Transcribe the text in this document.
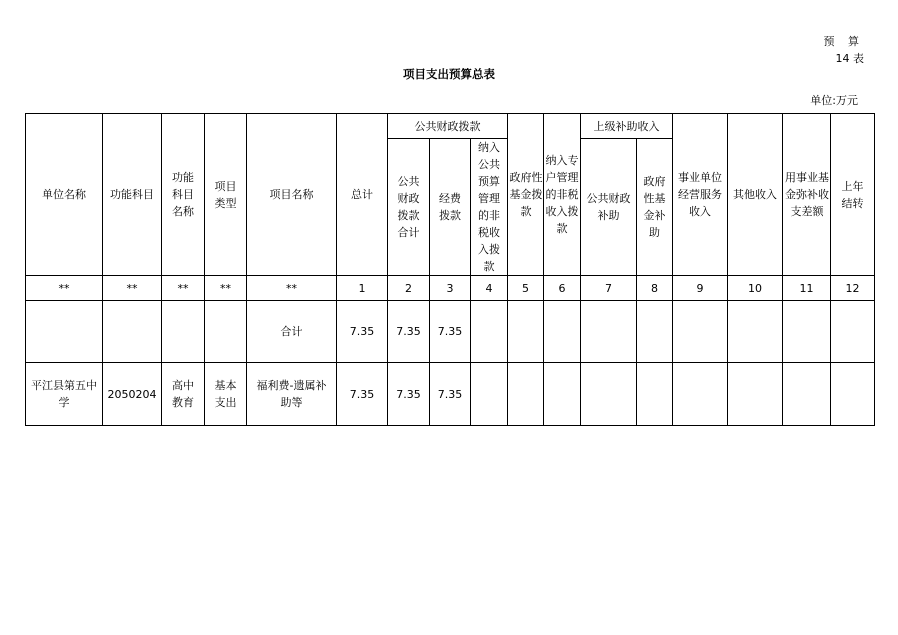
预 算
14 表
项目支出预算总表
单位:万元
单位名称	功能科目	功能科目名称	项目类型	项目名称	总计	公共财政拨款			政府性基金拨款	纳入专户管理的非税收入拨款	上级补助收入		事业单位经营服务收入	其他收入	用事业基金弥补收支差额	上年结转
						公共财政拨款合计	经费拨款	纳入公共预算管理的非税收入拨款			公共财政补助	政府性基金补助				
**	**	**	**	**	1	2	3	4	5	6	7	8	9	10	11	12
				合计	7.35	7.35	7.35									
平江县第五中学	2050204	高中教育	基本支出	福利费-遗属补助等	7.35	7.35	7.35									
